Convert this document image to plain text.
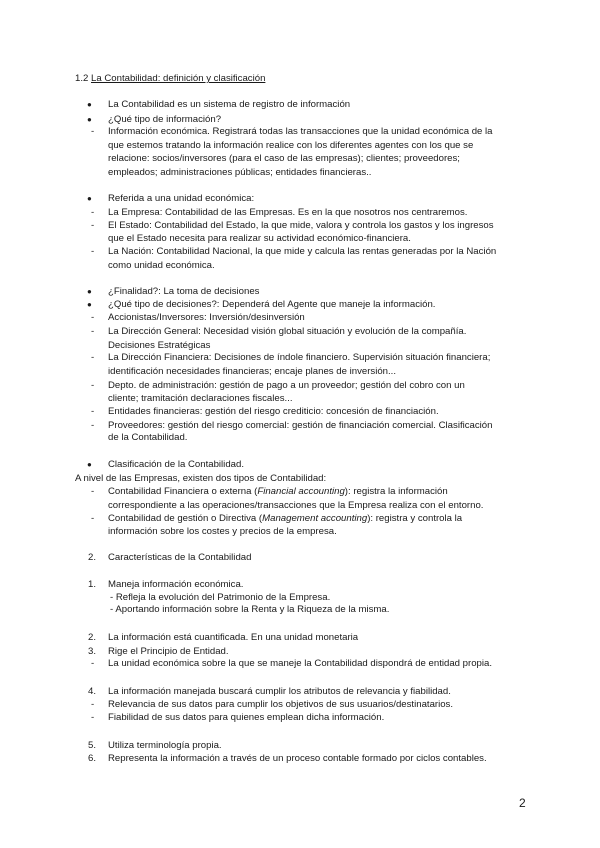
1.2 La Contabilidad: definición y clasificación
● La Contabilidad es un sistema de registro de información
● ¿Qué tipo de información?
- Información económica. Registrará todas las transacciones que la unidad económica de la
que estemos tratando la información realice con los diferentes agentes con los que se
relacione: socios/inversores (para el caso de las empresas); clientes; proveedores;
empleados; administraciones públicas; entidades financieras..
● Referida a una unidad económica:
- La Empresa: Contabilidad de las Empresas. Es en la que nosotros nos centraremos.
- El Estado: Contabilidad del Estado, la que mide, valora y controla los gastos y los ingresos
que el Estado necesita para realizar su actividad económico-financiera.
- La Nación: Contabilidad Nacional, la que mide y calcula las rentas generadas por la Nación
como unidad económica.
● ¿Finalidad?: La toma de decisiones
● ¿Qué tipo de decisiones?: Dependerá del Agente que maneje la información.
- Accionistas/Inversores: Inversión/desinversión
- La Dirección General: Necesidad visión global situación y evolución de la compañía.
Decisiones Estratégicas
- La Dirección Financiera: Decisiones de índole financiero. Supervisión situación financiera;
identificación necesidades financieras; encaje planes de inversión...
- Depto. de administración: gestión de pago a un proveedor; gestión del cobro con un
cliente; tramitación declaraciones fiscales...
- Entidades financieras: gestión del riesgo crediticio: concesión de financiación.
- Proveedores: gestión del riesgo comercial: gestión de financiación comercial. Clasificación
de la Contabilidad.
● Clasificación de la Contabilidad.
A nivel de las Empresas, existen dos tipos de Contabilidad:
- Contabilidad Financiera o externa (Financial accounting): registra la información
correspondiente a las operaciones/transacciones que la Empresa realiza con el entorno.
- Contabilidad de gestión o Directiva (Management accounting): registra y controla la
información sobre los costes y precios de la empresa.
2. Características de la Contabilidad
1. Maneja información económica.
- Refleja la evolución del Patrimonio de la Empresa.
- Aportando información sobre la Renta y la Riqueza de la misma.
2. La información está cuantificada. En una unidad monetaria
3. Rige el Principio de Entidad.
- La unidad económica sobre la que se maneje la Contabilidad dispondrá de entidad propia.
4. La información manejada buscará cumplir los atributos de relevancia y fiabilidad.
- Relevancia de sus datos para cumplir los objetivos de sus usuarios/destinatarios.
- Fiabilidad de sus datos para quienes emplean dicha información.
5. Utiliza terminología propia.
6. Representa la información a través de un proceso contable formado por ciclos contables.
2
